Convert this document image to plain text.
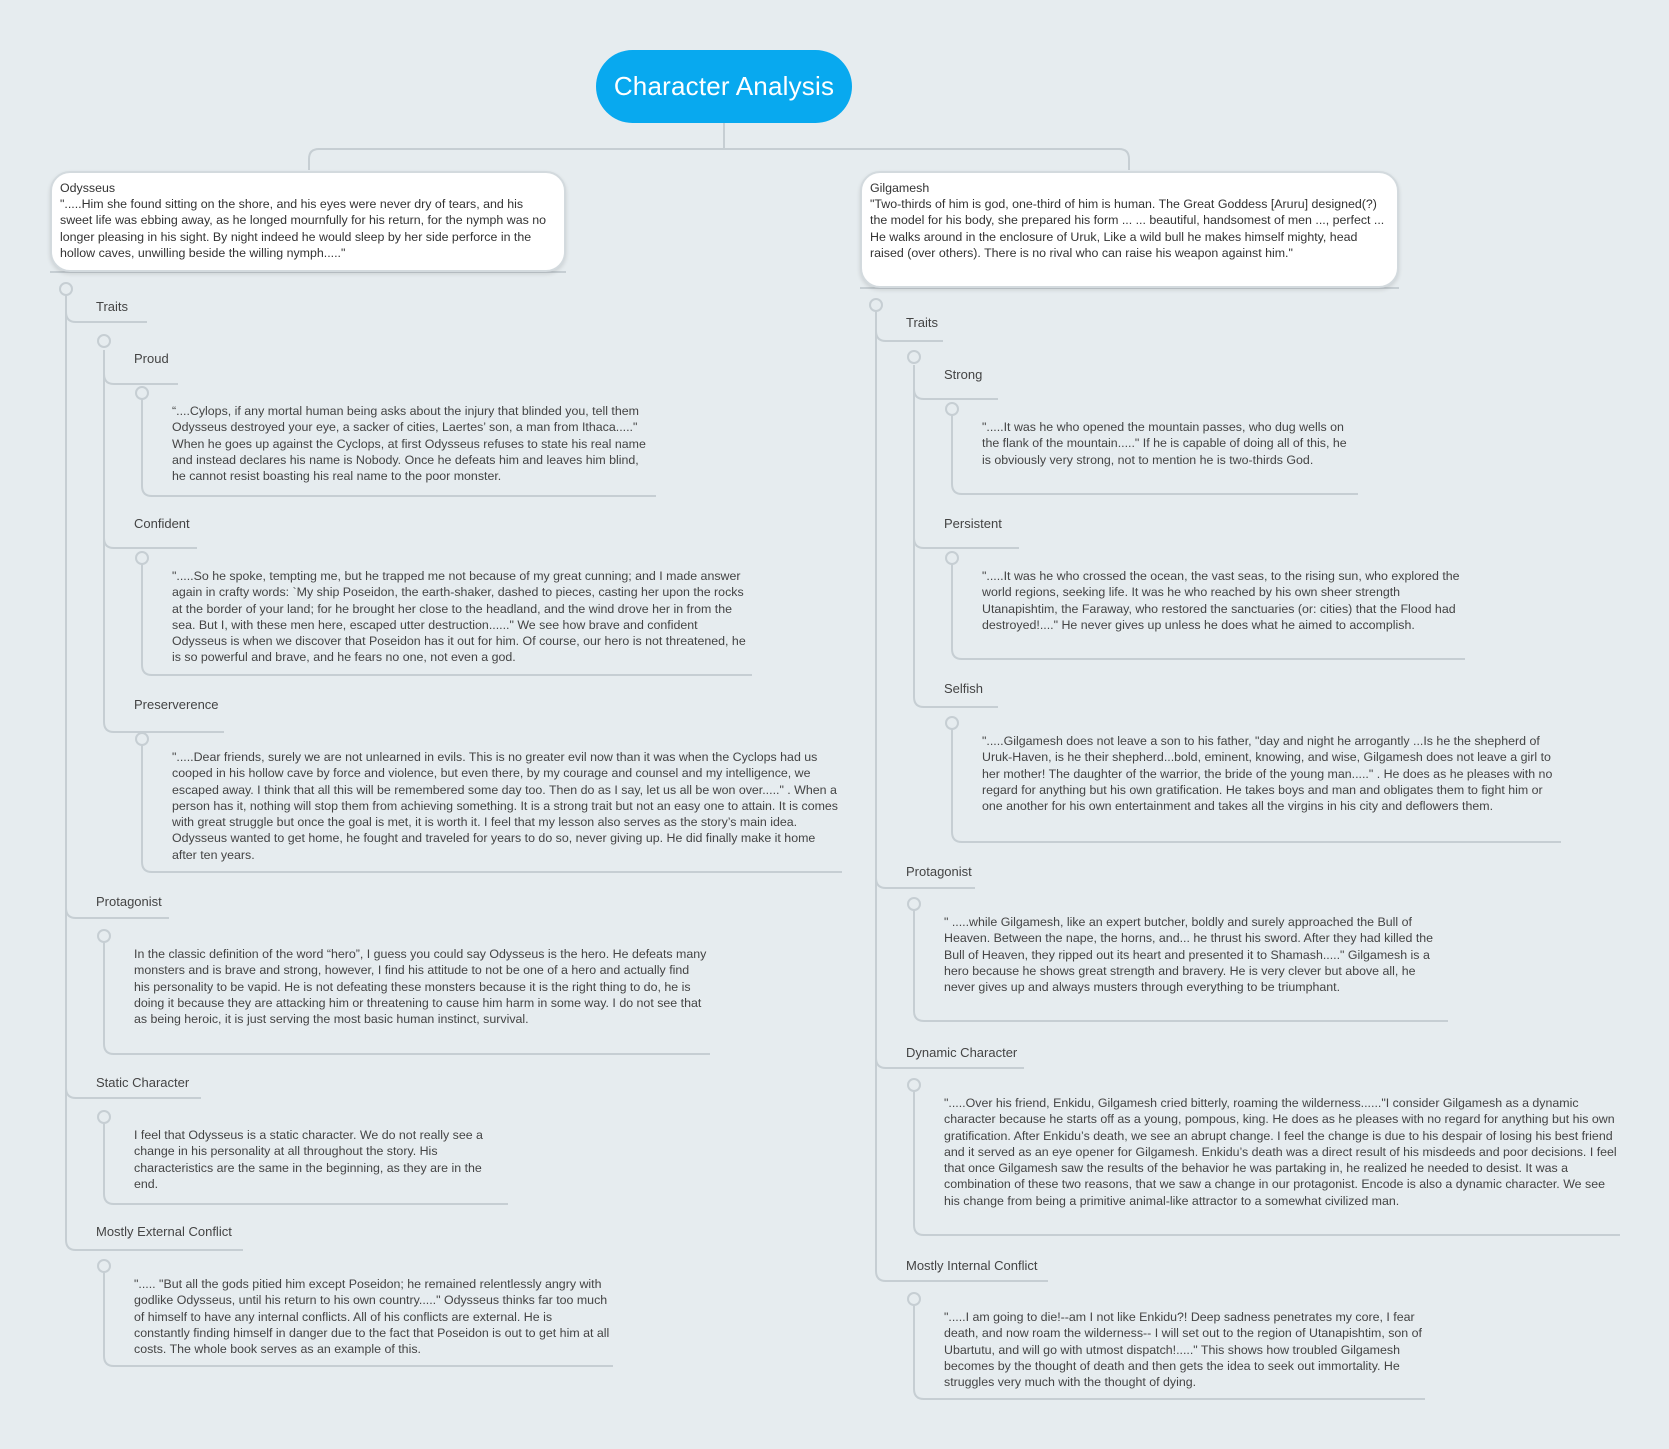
Character Analysis
Odysseus
".....Him she found sitting on the shore, and his eyes were never dry of tears, and his sweet life was ebbing away, as he longed mournfully for his return, for the nymph was no longer pleasing in his sight. By night indeed he would sleep by her side perforce in the hollow caves, unwilling beside the willing nymph....."
Traits
Proud
“....Cylops, if any mortal human being asks about the injury that blinded you, tell them Odysseus destroyed your eye, a sacker of cities, Laertes’ son, a man from Ithaca....." When he goes up against the Cyclops, at first Odysseus refuses to state his real name and instead declares his name is Nobody. Once he defeats him and leaves him blind, he cannot resist boasting his real name to the poor monster.
Confident
".....So he spoke, tempting me, but he trapped me not because of my great cunning; and I made answer again in crafty words: `My ship Poseidon, the earth-shaker, dashed to pieces, casting her upon the rocks at the border of your land; for he brought her close to the headland, and the wind drove her in from the sea. But I, with these men here, escaped utter destruction......" We see how brave and confident Odysseus is when we discover that Poseidon has it out for him. Of course, our hero is not threatened, he is so powerful and brave, and he fears no one, not even a god.
Preserverence
".....Dear friends, surely we are not unlearned in evils. This is no greater evil now than it was when the Cyclops had us cooped in his hollow cave by force and violence, but even there, by my courage and counsel and my intelligence, we escaped away. I think that all this will be remembered some day too. Then do as I say, let us all be won over....." . When a person has it, nothing will stop them from achieving something. It is a strong trait but not an easy one to attain. It is comes with great struggle but once the goal is met, it is worth it. I feel that my lesson also serves as the story’s main idea. Odysseus wanted to get home, he fought and traveled for years to do so, never giving up. He did finally make it home after ten years.
Protagonist
In the classic definition of the word “hero”, I guess you could say Odysseus is the hero. He defeats many monsters and is brave and strong, however, I find his attitude to not be one of a hero and actually find his personality to be vapid. He is not defeating these monsters because it is the right thing to do, he is doing it because they are attacking him or threatening to cause him harm in some way. I do not see that as being heroic, it is just serving the most basic human instinct, survival.
Static Character
I feel that Odysseus is a static character. We do not really see a change in his personality at all throughout the story. His characteristics are the same in the beginning, as they are in the end.
Mostly External Conflict
"..... "But all the gods pitied him except Poseidon; he remained relentlessly angry with godlike Odysseus, until his return to his own country....." Odysseus thinks far too much of himself to have any internal conflicts. All of his conflicts are external. He is constantly finding himself in danger due to the fact that Poseidon is out to get him at all costs. The whole book serves as an example of this.
Gilgamesh
"Two-thirds of him is god, one-third of him is human. The Great Goddess [Aruru] designed(?) the model for his body, she prepared his form ... ... beautiful, handsomest of men ..., perfect ... He walks around in the enclosure of Uruk, Like a wild bull he makes himself mighty, head raised (over others). There is no rival who can raise his weapon against him."
Traits
Strong
".....It was he who opened the mountain passes, who dug wells on the flank of the mountain....." If he is capable of doing all of this, he is obviously very strong, not to mention he is two-thirds God.
Persistent
".....It was he who crossed the ocean, the vast seas, to the rising sun, who explored the world regions, seeking life. It was he who reached by his own sheer strength Utanapishtim, the Faraway, who restored the sanctuaries (or: cities) that the Flood had destroyed!...." He never gives up unless he does what he aimed to accomplish.
Selfish
".....Gilgamesh does not leave a son to his father, "day and night he arrogantly ...Is he the shepherd of Uruk-Haven, is he their shepherd...bold, eminent, knowing, and wise, Gilgamesh does not leave a girl to her mother! The daughter of the warrior, the bride of the young man....." . He does as he pleases with no regard for anything but his own gratification. He takes boys and man and obligates them to fight him or one another for his own entertainment and takes all the virgins in his city and deflowers them.
Protagonist
" .....while Gilgamesh, like an expert butcher, boldly and surely approached the Bull of Heaven. Between the nape, the horns, and... he thrust his sword. After they had killed the Bull of Heaven, they ripped out its heart and presented it to Shamash....." Gilgamesh is a hero because he shows great strength and bravery. He is very clever but above all, he never gives up and always musters through everything to be triumphant.
Dynamic Character
".....Over his friend, Enkidu, Gilgamesh cried bitterly, roaming the wilderness......"I consider Gilgamesh as a dynamic character because he starts off as a young, pompous, king. He does as he pleases with no regard for anything but his own gratification. After Enkidu’s death, we see an abrupt change. I feel the change is due to his despair of losing his best friend and it served as an eye opener for Gilgamesh. Enkidu’s death was a direct result of his misdeeds and poor decisions. I feel that once Gilgamesh saw the results of the behavior he was partaking in, he realized he needed to desist. It was a combination of these two reasons, that we saw a change in our protagonist. Encode is also a dynamic character. We see his change from being a primitive animal-like attractor to a somewhat civilized man.
Mostly Internal Conflict
".....I am going to die!--am I not like Enkidu?! Deep sadness penetrates my core, I fear death, and now roam the wilderness-- I will set out to the region of Utanapishtim, son of Ubartutu, and will go with utmost dispatch!....." This shows how troubled Gilgamesh becomes by the thought of death and then gets the idea to seek out immortality. He struggles very much with the thought of dying.
